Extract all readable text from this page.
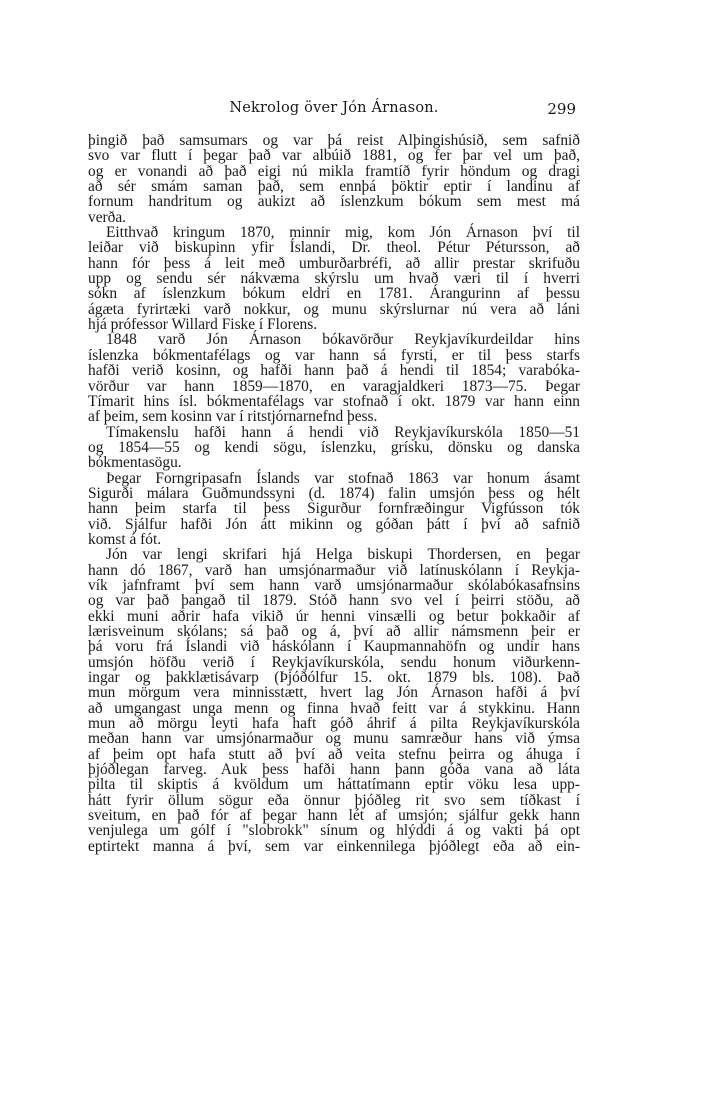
Nekrolog över Jón Árnason.	299
þingið það samsumars og var þá reist Alþingishúsið, sem safnið
svo var flutt í þegar það var albúið 1881, og fer þar vel um það,
og er vonandi að það eigi nú mikla framtíð fyrir höndum og dragi
að sér smám saman það, sem ennþá þöktir eptir í landinu af
fornum handritum og aukizt að íslenzkum bókum sem mest má
verða.
Eitthvað kringum 1870, minnir mig, kom Jón Árnason því til
leiðar við biskupinn yfir Íslandi, Dr. theol. Pétur Pétursson, að
hann fór þess á leit með umburðarbréfi, að allir prestar skrifuðu
upp og sendu sér nákvæma skýrslu um hvað væri til í hverri
sókn af íslenzkum bókum eldri en 1781. Árangurinn af þessu
ágæta fyrirtæki varð nokkur, og munu skýrslurnar nú vera að láni
hjá prófessor Willard Fiske í Florens.
1848 varð Jón Árnason bókavörður Reykjavíkurdeildar hins
íslenzka bókmentafélags og var hann sá fyrsti, er til þess starfs
hafði verið kosinn, og hafði hann það á hendi til 1854; varabóka-
vörður var hann 1859—1870, en varagjaldkeri 1873—75. Þegar
Tímarit hins ísl. bókmentafélags var stofnað í okt. 1879 var hann einn
af þeim, sem kosinn var í ritstjórnarnefnd þess.
Tímakenslu hafði hann á hendi við Reykjavíkurskóla 1850—51
og 1854—55 og kendi sögu, íslenzku, grísku, dönsku og danska
bókmentasögu.
Þegar Forngripasafn Íslands var stofnað 1863 var honum ásamt
Sigurði málara Guðmundssyni (d. 1874) falin umsjón þess og hélt
hann þeim starfa til þess Sigurður fornfræðingur Vigfússon tók
við. Sjálfur hafði Jón átt mikinn og góðan þátt í því að safnið
komst á fót.
Jón var lengi skrifari hjá Helga biskupi Thordersen, en þegar
hann dó 1867, varð han umsjónarmaður við latínuskólann í Reykja-
vík jafnframt því sem hann varð umsjónarmaður skólabókasafnsins
og var það þangað til 1879. Stóð hann svo vel í þeirri stöðu, að
ekki muni aðrir hafa vikið úr henni vinsælli og betur þokkaðir af
lærisveinum skólans; sá það og á, því að allir námsmenn þeir er
þá voru frá Íslandi við háskólann í Kaupmannahöfn og undir hans
umsjón höfðu verið í Reykjavíkurskóla, sendu honum viðurkenn-
ingar og þakklætisávarp (Þjóðólfur 15. okt. 1879 bls. 108). Það
mun mörgum vera minnisstætt, hvert lag Jón Árnason hafði á því
að umgangast unga menn og finna hvað feitt var á stykkinu. Hann
mun að mörgu leyti hafa haft góð áhrif á pilta Reykjavíkurskóla
meðan hann var umsjónarmaður og munu samræður hans við ýmsa
af þeim opt hafa stutt að því að veita stefnu þeirra og áhuga í
þjóðlegan farveg. Auk þess hafði hann þann góða vana að láta
pilta til skiptis á kvöldum um háttatímann eptir vöku lesa upp-
hátt fyrir öllum sögur eða önnur þjóðleg rit svo sem tíðkast í
sveitum, en það fór af þegar hann lét af umsjón; sjálfur gekk hann
venjulega um gólf í "slobrokk" sínum og hlýddi á og vakti þá opt
eptirtekt manna á því, sem var einkennilega þjóðlegt eða að ein-
